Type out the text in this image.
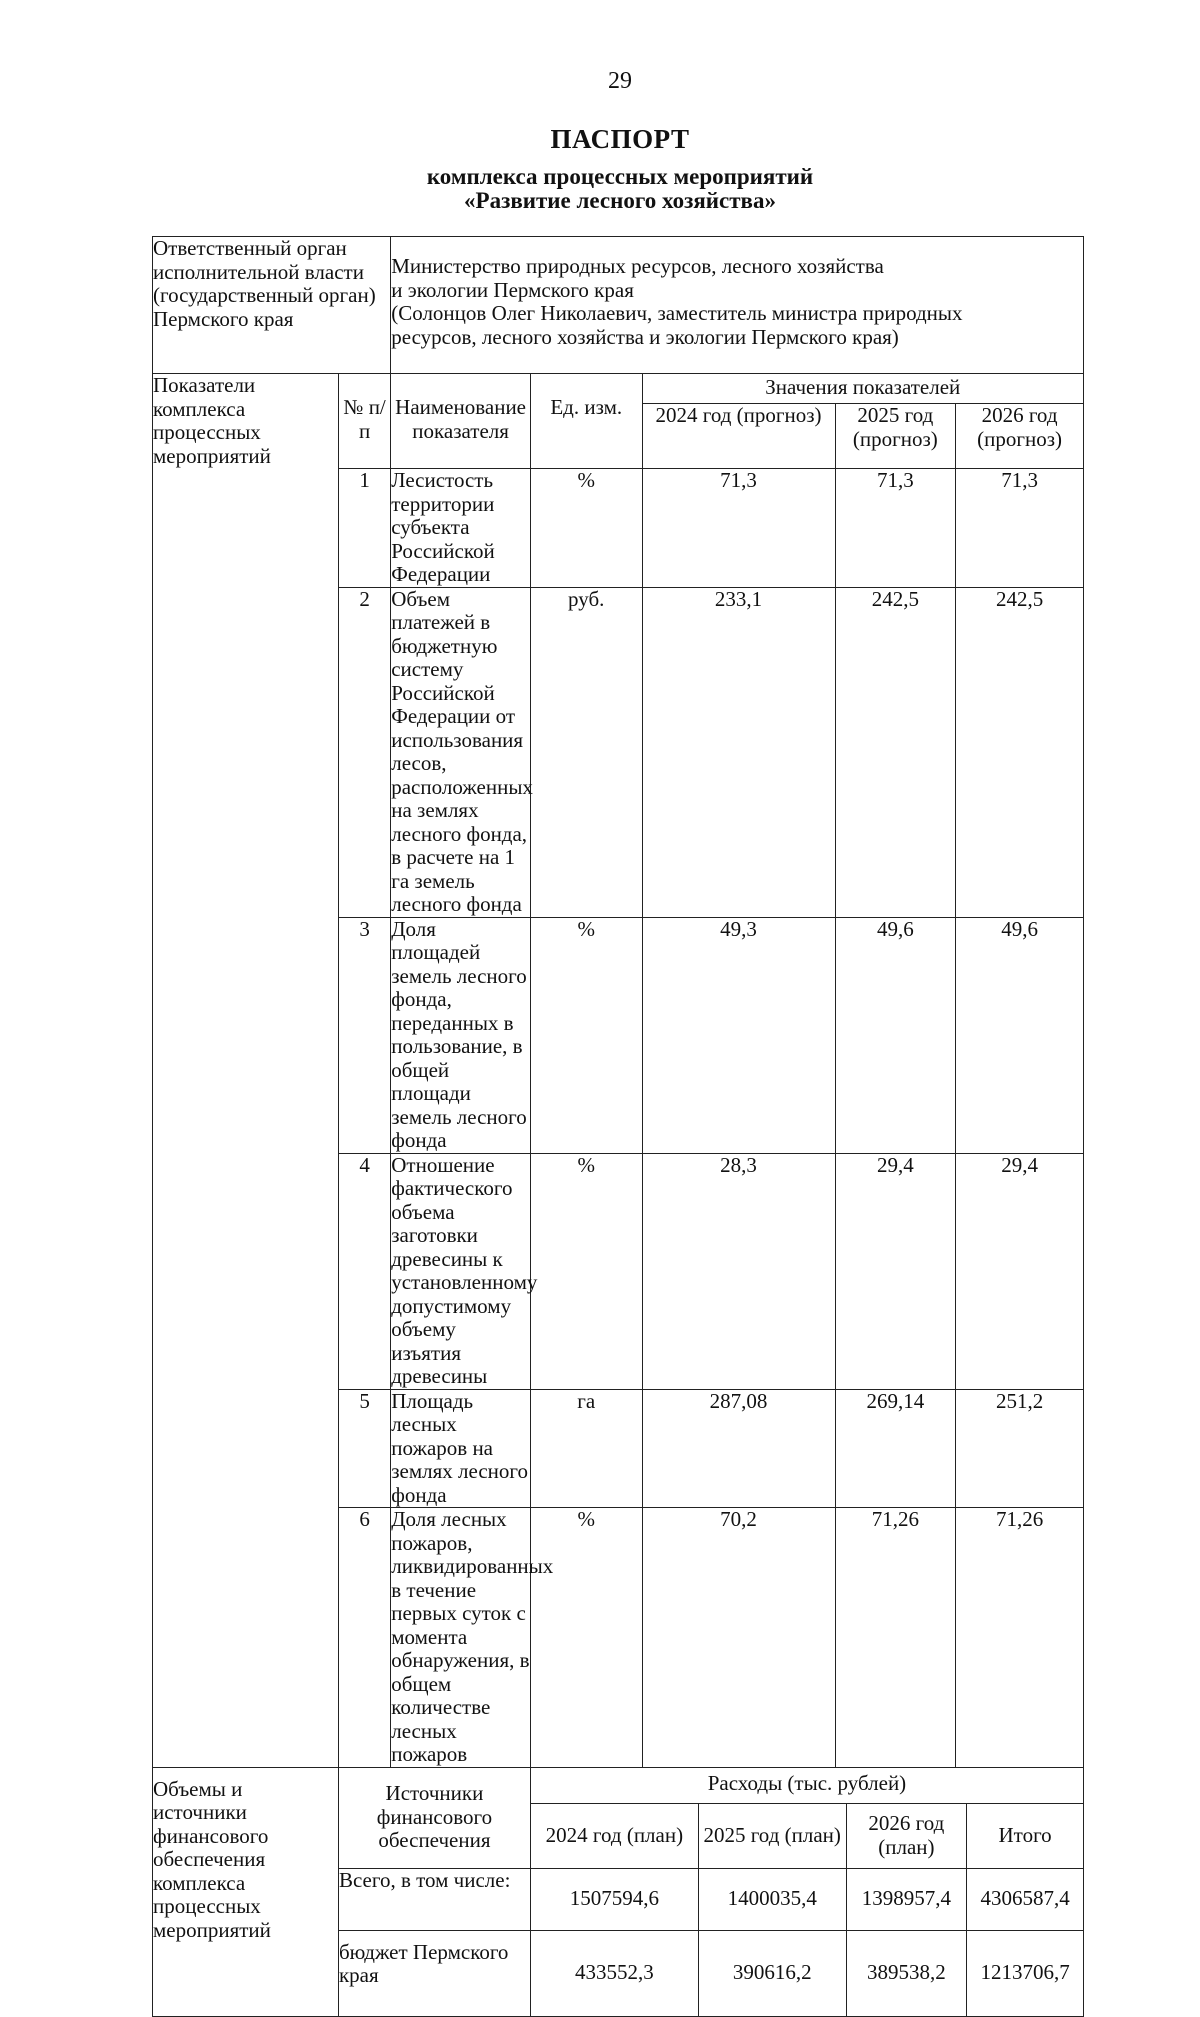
29
ПАСПОРТ
комплекса процессных мероприятий
«Развитие лесного хозяйства»
Ответственный орган исполнительной власти (государственный орган) Пермского края		Министерство природных ресурсов, лесного хозяйства
и экологии Пермского края
(Солонцов Олег Николаевич, заместитель министра природных
ресурсов, лесного хозяйства и экологии Пермского края)							

Показатели комплекса процессных мероприятий	№ п/п	Наименование показателя	Ед. изм.	Значения показателей					
				2024 год (прогноз)		2025 год (прогноз)		2026 год (прогноз)	
	1	Лесистость территории субъекта Российской Федерации	%	71,3		71,3		71,3	
	2	Объем платежей в бюджетную систему Российской Федерации от использования лесов, расположенных на землях лесного фонда, в расчете на 1 га земель лесного фонда	руб.	233,1		242,5		242,5	
	3	Доля площадей земель лесного фонда, переданных в пользование, в общей площади земель лесного фонда	%	49,3		49,6		49,6	
	4	Отношение фактического объема заготовки древесины к установленному допустимому объему изъятия древесины	%	28,3		29,4		29,4	
	5	Площадь лесных пожаров на землях лесного фонда	га	287,08		269,14		251,2	
	6	Доля лесных пожаров, ликвидированных в течение первых суток с момента обнаружения, в общем количестве лесных пожаров	%	70,2		71,26		71,26	
Объемы и источники финансового обеспечения комплекса процессных мероприятий	Источники финансового обеспечения		Расходы (тыс. рублей)						
			2024 год (план)		2025 год (план)		2026 год (план)		Итого
	Всего, в том числе:		1507594,6		1400035,4		1398957,4		4306587,4
	бюджет Пермского края		433552,3		390616,2		389538,2		1213706,7
